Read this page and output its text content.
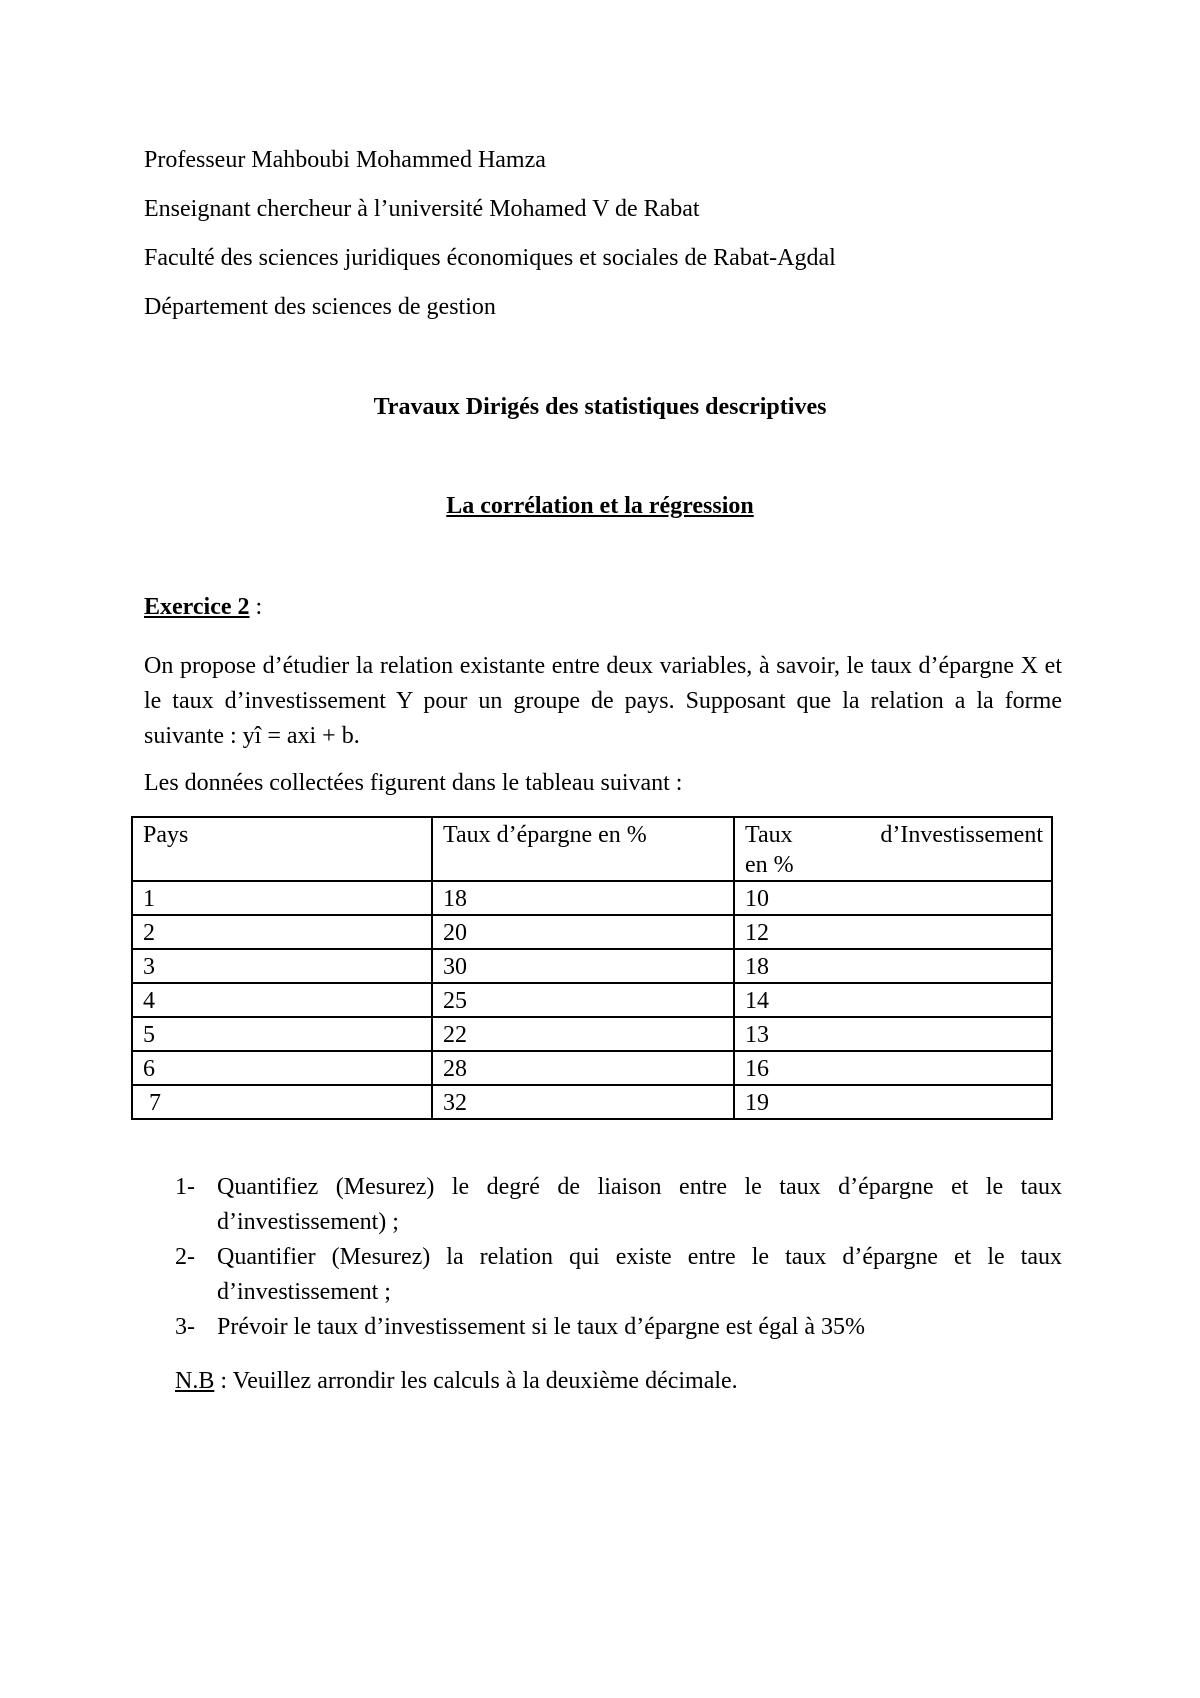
Professeur Mahboubi Mohammed Hamza
Enseignant chercheur à l’université Mohamed V de Rabat
Faculté des sciences juridiques économiques et sociales de Rabat-Agdal
Département des sciences de gestion
Travaux Dirigés des statistiques descriptives
La corrélation et la régression
Exercice 2 :
On propose d’étudier la relation existante entre deux variables, à savoir, le taux d’épargne X et le taux d’investissement Y pour un groupe de pays. Supposant que la relation a la forme suivante : yî = axi + b.
Les données collectées figurent dans le tableau suivant :
Pays	Taux d’épargne en %	Taux d’Investissement
en %

1	18	10
2	20	12
3	30	18
4	25	14
5	22	13
6	28	16
7	32	19
1- Quantifiez (Mesurez) le degré de liaison entre le taux d’épargne et le taux d’investissement) ;
2- Quantifier (Mesurez) la relation qui existe entre le taux d’épargne et le taux d’investissement ;
3- Prévoir le taux d’investissement si le taux d’épargne est égal à 35%
N.B : Veuillez arrondir les calculs à la deuxième décimale.
